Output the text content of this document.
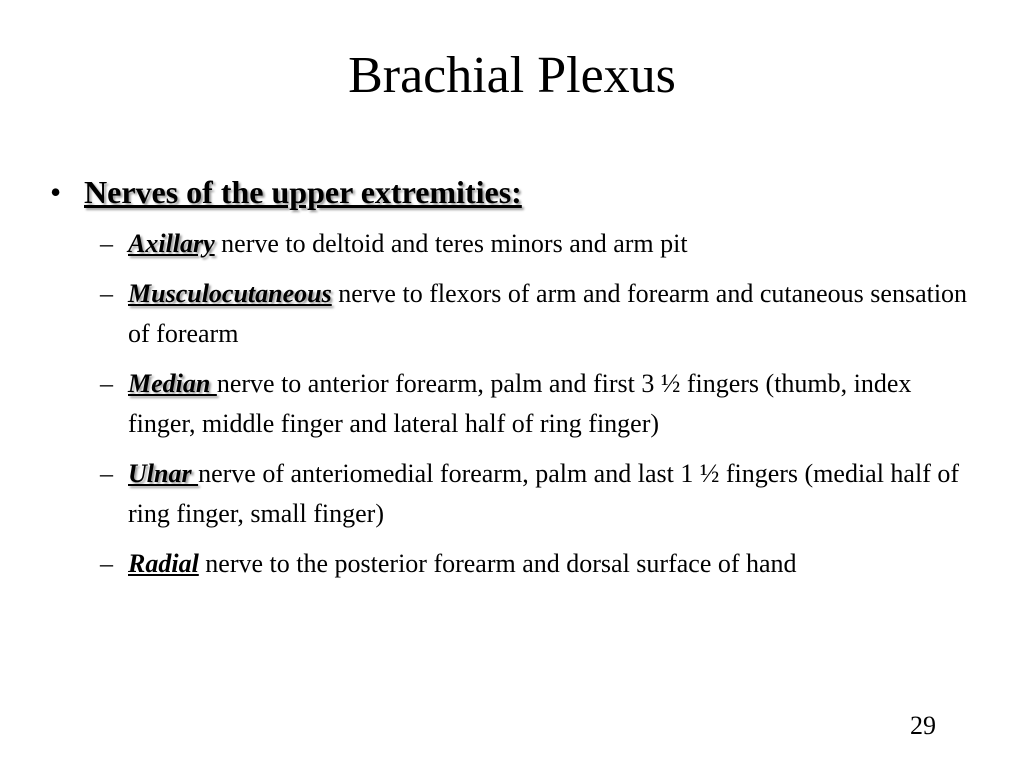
Brachial Plexus
• Nerves of the upper extremities:
– Axillary nerve to deltoid and teres minors and arm pit
– Musculocutaneous nerve to flexors of arm and forearm and cutaneous sensation of forearm
– Median nerve to anterior forearm, palm and first 3 ½ fingers (thumb, index finger, middle finger and lateral half of ring finger)
– Ulnar nerve of anteriomedial forearm, palm and last 1 ½ fingers (medial half of ring finger, small finger)
– Radial nerve to the posterior forearm and dorsal surface of hand
29
